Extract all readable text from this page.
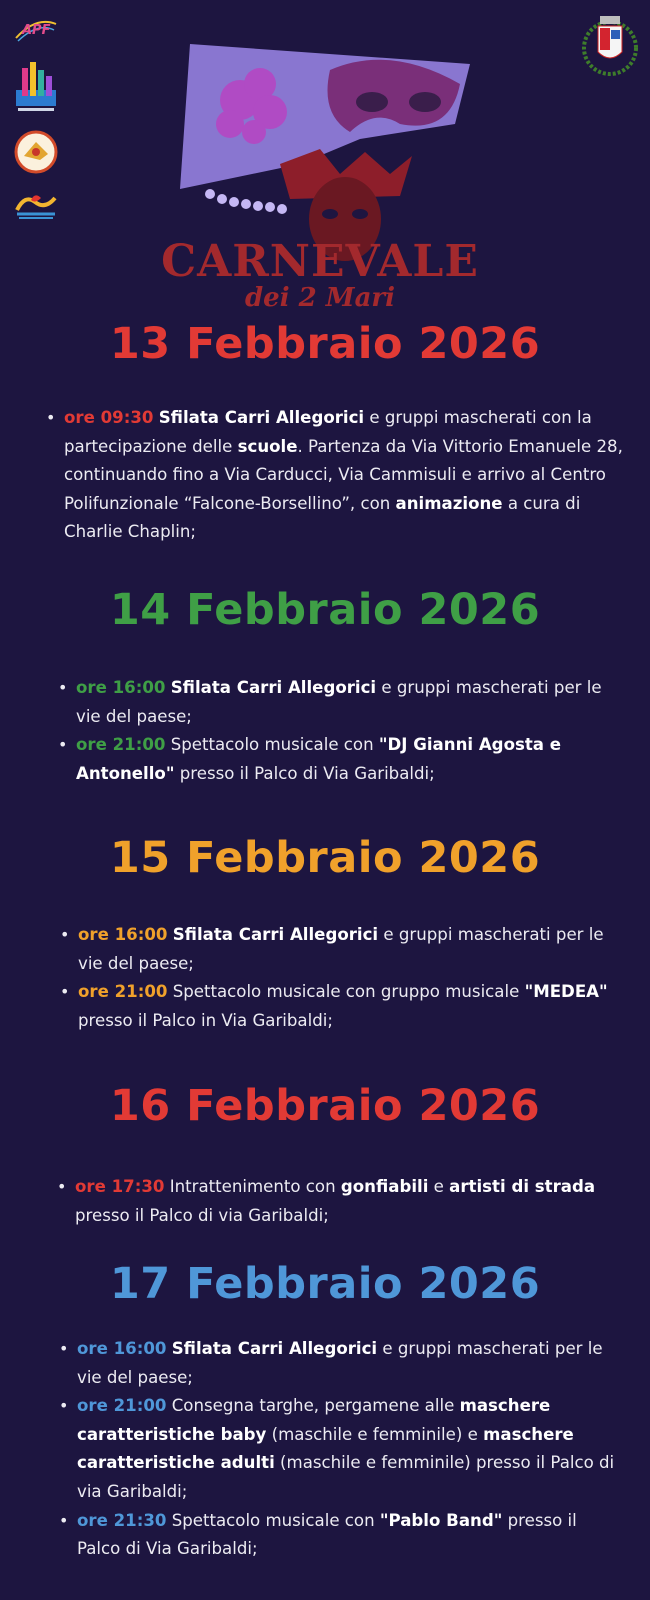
APF
CARNEVALE
dei 2 Mari
13 Febbraio 2026
• ore 09:30 Sfilata Carri Allegorici e gruppi mascherati con la partecipazione delle scuole. Partenza da Via Vittorio Emanuele 28, continuando fino a Via Carducci, Via Cammisuli e arrivo al Centro Polifunzionale “Falcone-Borsellino”, con animazione a cura di Charlie Chaplin;
14 Febbraio 2026
• ore 16:00 Sfilata Carri Allegorici e gruppi mascherati per le vie del paese;
• ore 21:00 Spettacolo musicale con "DJ Gianni Agosta e Antonello" presso il Palco di Via Garibaldi;
15 Febbraio 2026
• ore 16:00 Sfilata Carri Allegorici e gruppi mascherati per le vie del paese;
• ore 21:00 Spettacolo musicale con gruppo musicale "MEDEA" presso il Palco in Via Garibaldi;
16 Febbraio 2026
• ore 17:30 Intrattenimento con gonfiabili e artisti di strada presso il Palco di via Garibaldi;
17 Febbraio 2026
• ore 16:00 Sfilata Carri Allegorici e gruppi mascherati per le vie del paese;
• ore 21:00 Consegna targhe, pergamene alle maschere caratteristiche baby (maschile e femminile) e maschere caratteristiche adulti (maschile e femminile) presso il Palco di via Garibaldi;
• ore 21:30 Spettacolo musicale con "Pablo Band" presso il Palco di Via Garibaldi;
